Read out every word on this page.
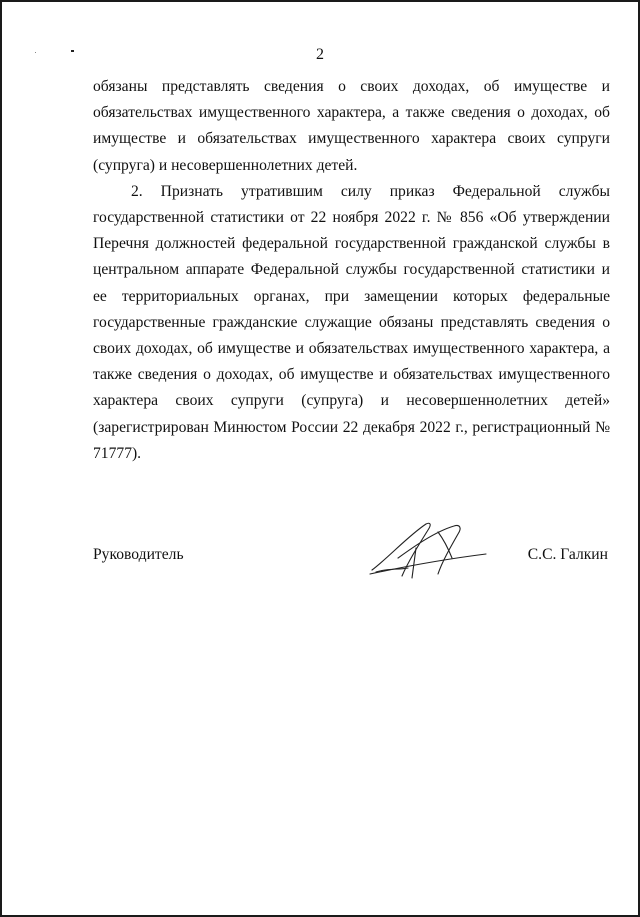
2

обязаны представлять сведения о своих доходах, об имуществе и обязательствах имущественного характера, а также сведения о доходах, об имуществе и обязательствах имущественного характера своих супруги (супруга) и несовершеннолетних детей.

2. Признать утратившим силу приказ Федеральной службы государственной статистики от 22 ноября 2022 г. № 856 «Об утверждении Перечня должностей федеральной государственной гражданской службы в центральном аппарате Федеральной службы государственной статистики и ее территориальных органах, при замещении которых федеральные государственные гражданские служащие обязаны представлять сведения о своих доходах, об имуществе и обязательствах имущественного характера, а также сведения о доходах, об имуществе и обязательствах имущественного характера своих супруги (супруга) и несовершеннолетних детей» (зарегистрирован Минюстом России 22 декабря 2022 г., регистрационный № 71777).

Руководитель	С.С. Галкин
